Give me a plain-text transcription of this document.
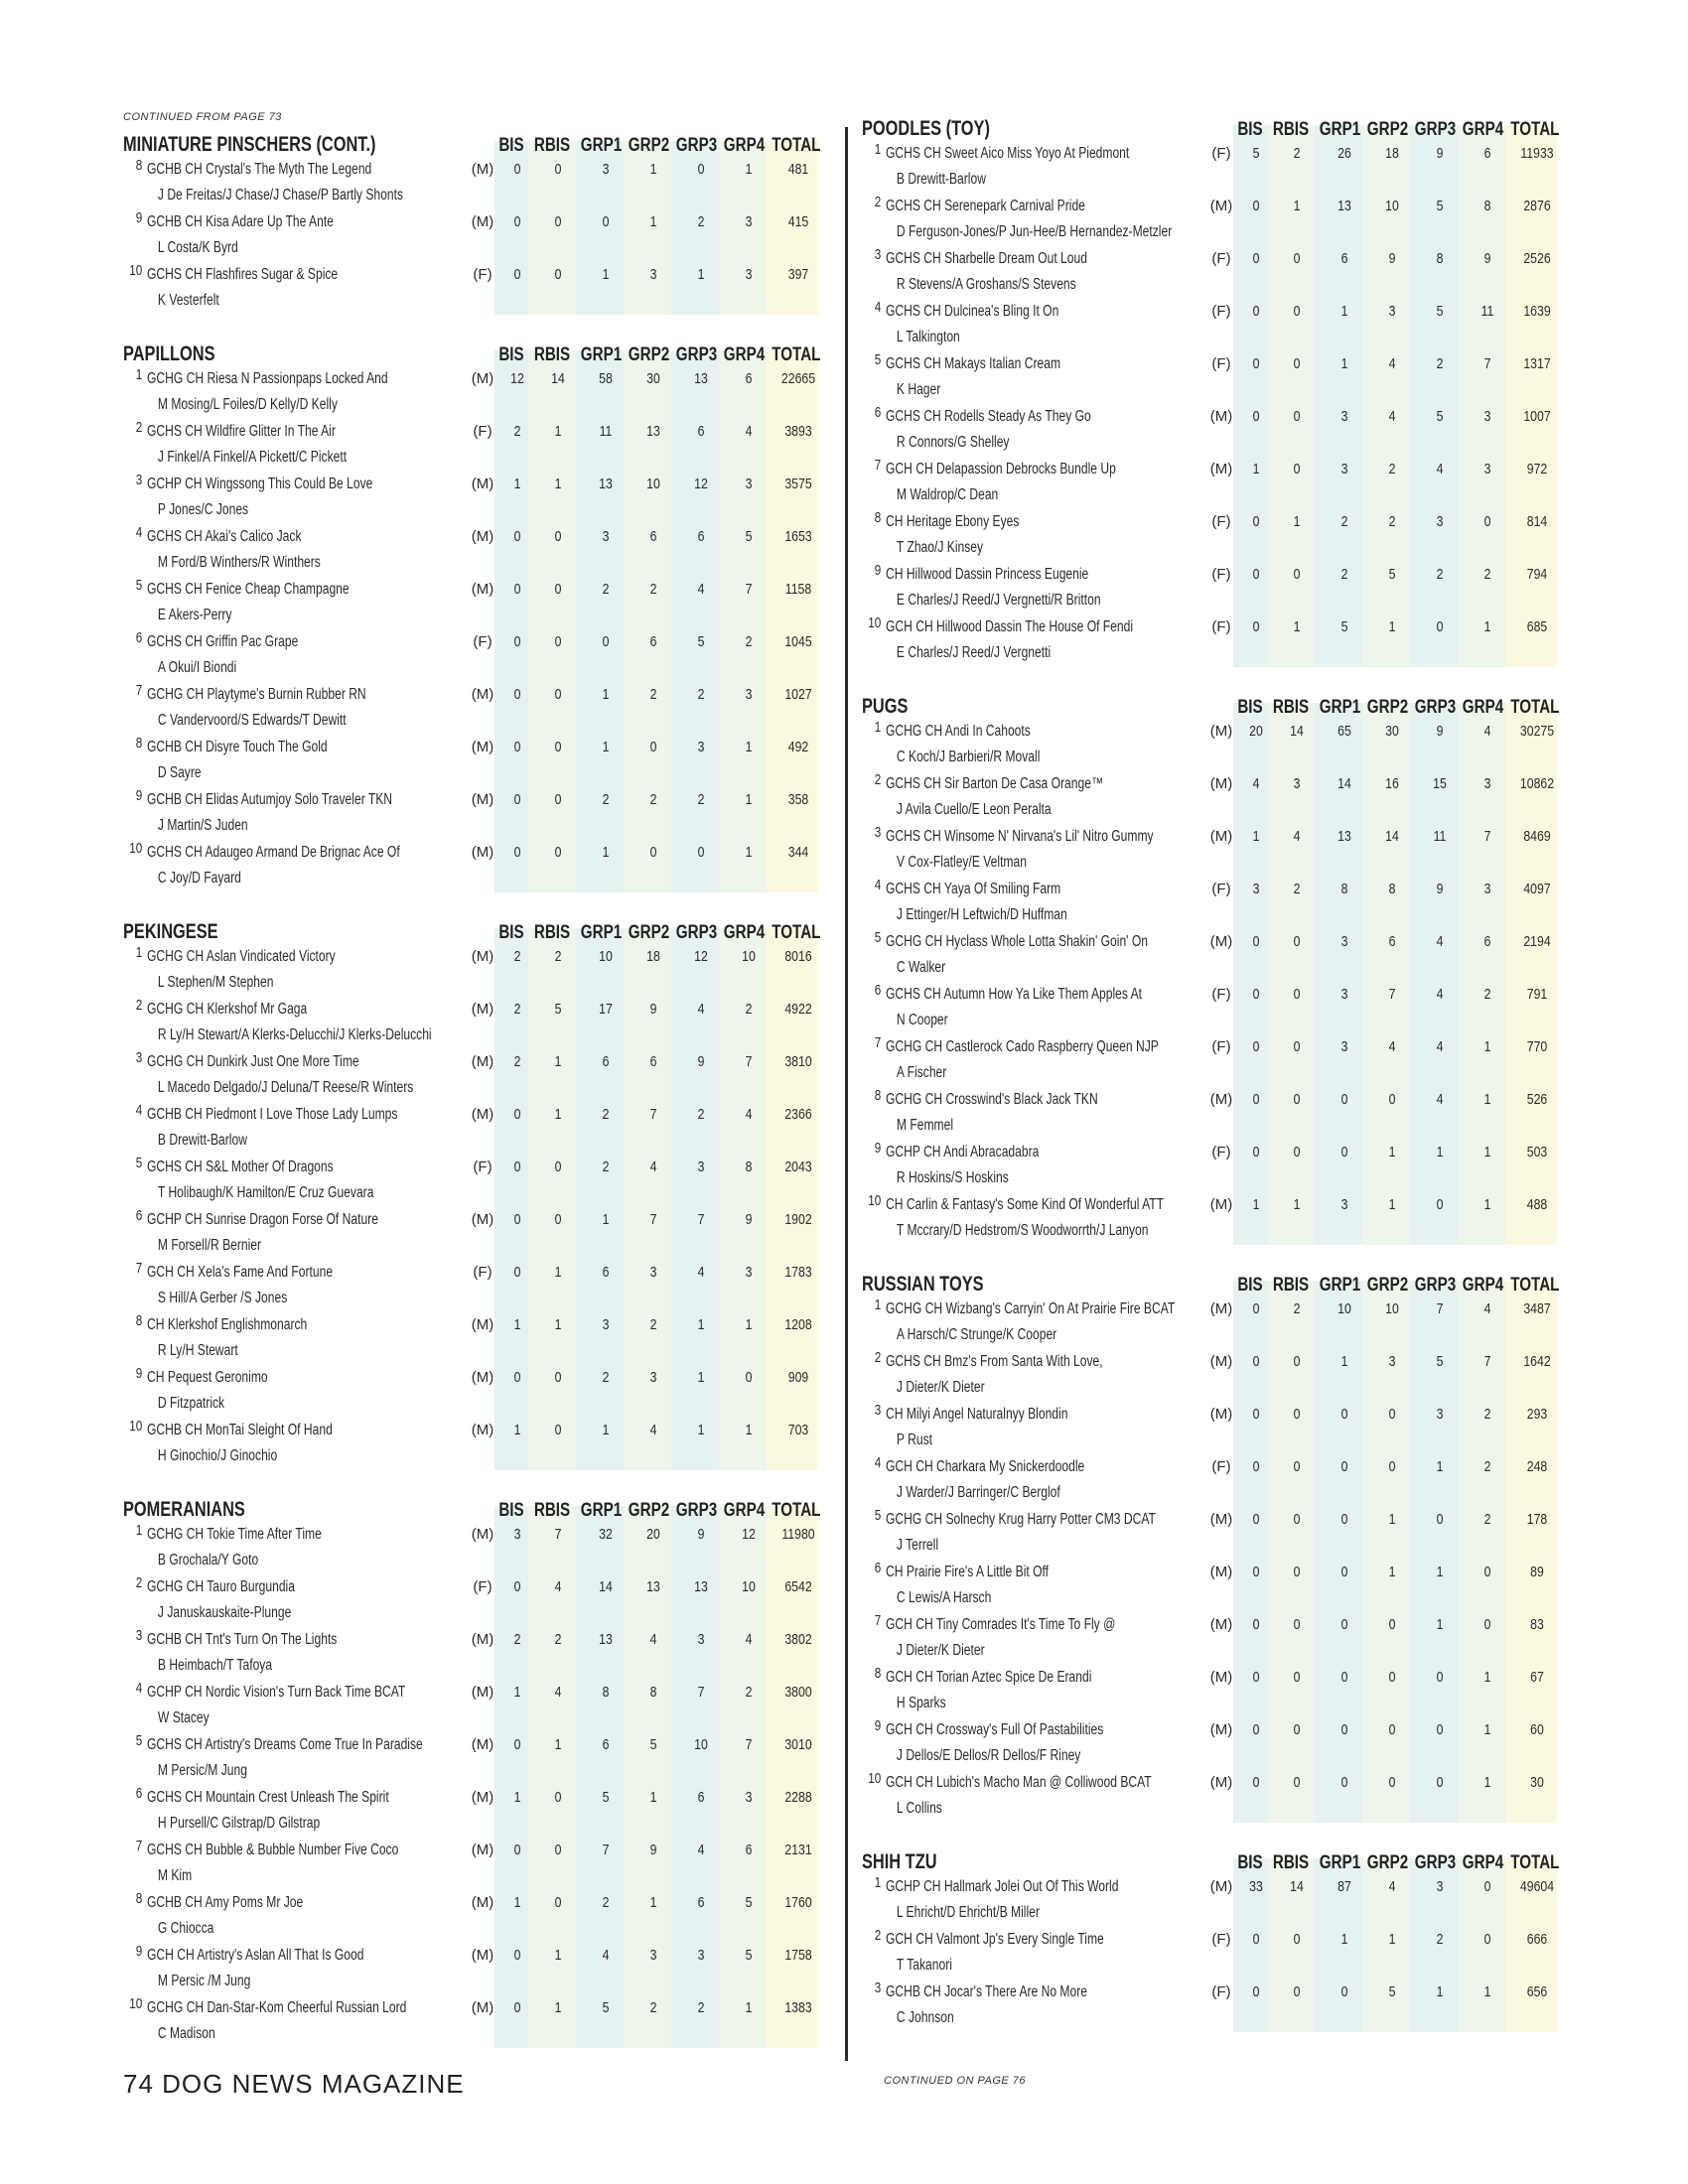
CONTINUED FROM PAGE 73
MINIATURE PINSCHERS (CONT.)	BIS RBIS GRP1 GRP2 GRP3 GRP4 TOTAL
8 GCHB CH Crystal's The Myth The Legend
J De Freitas/J Chase/J Chase/P Bartly Shonts
(M)	0	0	3	1	0	1	481
9 GCHB CH Kisa Adare Up The Ante
L Costa/K Byrd
(M)	0	0	0	1	2	3	415
10 GCHS CH Flashfires Sugar & Spice
K Vesterfelt
(F)	0	0	1	3	1	3	397
PAPILLONS	BIS RBIS GRP1 GRP2 GRP3 GRP4 TOTAL
1 GCHG CH Riesa N Passionpaps Locked And
M Mosing/L Foiles/D Kelly/D Kelly
(M)	12	14	58	30	13	6	22665
2 GCHS CH Wildfire Glitter In The Air
J Finkel/A Finkel/A Pickett/C Pickett
(F)	2	1	11	13	6	4	3893
3 GCHP CH Wingssong This Could Be Love
P Jones/C Jones
(M)	1	1	13	10	12	3	3575
4 GCHS CH Akai's Calico Jack
M Ford/B Winthers/R Winthers
(M)	0	0	3	6	6	5	1653
5 GCHS CH Fenice Cheap Champagne
E Akers-Perry
(M)	0	0	2	2	4	7	1158
6 GCHS CH Griffin Pac Grape
A Okui/I Biondi
(F)	0	0	0	6	5	2	1045
7 GCHG CH Playtyme's Burnin Rubber RN
C Vandervoord/S Edwards/T Dewitt
(M)	0	0	1	2	2	3	1027
8 GCHB CH Disyre Touch The Gold
D Sayre
(M)	0	0	1	0	3	1	492
9 GCHB CH Elidas Autumjoy Solo Traveler TKN
J Martin/S Juden
(M)	0	0	2	2	2	1	358
10 GCHS CH Adaugeo Armand De Brignac Ace Of
C Joy/D Fayard
(M)	0	0	1	0	0	1	344
PEKINGESE	BIS RBIS GRP1 GRP2 GRP3 GRP4 TOTAL
1 GCHG CH Aslan Vindicated Victory
L Stephen/M Stephen
(M)	2	2	10	18	12	10	8016
2 GCHG CH Klerkshof Mr Gaga
R Ly/H Stewart/A Klerks-Delucchi/J Klerks-Delucchi
(M)	2	5	17	9	4	2	4922
3 GCHG CH Dunkirk Just One More Time
L Macedo Delgado/J Deluna/T Reese/R Winters
(M)	2	1	6	6	9	7	3810
4 GCHB CH Piedmont I Love Those Lady Lumps
B Drewitt-Barlow
(M)	0	1	2	7	2	4	2366
5 GCHS CH S&L Mother Of Dragons
T Holibaugh/K Hamilton/E Cruz Guevara
(F)	0	0	2	4	3	8	2043
6 GCHP CH Sunrise Dragon Forse Of Nature
M Forsell/R Bernier
(M)	0	0	1	7	7	9	1902
7 GCH CH Xela's Fame And Fortune
S Hill/A Gerber /S Jones
(F)	0	1	6	3	4	3	1783
8 CH Klerkshof Englishmonarch
R Ly/H Stewart
(M)	1	1	3	2	1	1	1208
9 CH Pequest Geronimo
D Fitzpatrick
(M)	0	0	2	3	1	0	909
10 GCHB CH MonTai Sleight Of Hand
H Ginochio/J Ginochio
(M)	1	0	1	4	1	1	703
POMERANIANS	BIS RBIS GRP1 GRP2 GRP3 GRP4 TOTAL
1 GCHG CH Tokie Time After Time
B Grochala/Y Goto
(M)	3	7	32	20	9	12	11980
2 GCHG CH Tauro Burgundia
J Januskauskaite-Plunge
(F)	0	4	14	13	13	10	6542
3 GCHB CH Tnt's Turn On The Lights
B Heimbach/T Tafoya
(M)	2	2	13	4	3	4	3802
4 GCHP CH Nordic Vision's Turn Back Time BCAT
W Stacey
(M)	1	4	8	8	7	2	3800
5 GCHS CH Artistry's Dreams Come True In Paradise
M Persic/M Jung
(M)	0	1	6	5	10	7	3010
6 GCHS CH Mountain Crest Unleash The Spirit
H Pursell/C Gilstrap/D Gilstrap
(M)	1	0	5	1	6	3	2288
7 GCHS CH Bubble & Bubble Number Five Coco
M Kim
(M)	0	0	7	9	4	6	2131
8 GCHB CH Amy Poms Mr Joe
G Chiocca
(M)	1	0	2	1	6	5	1760
9 GCH CH Artistry's Aslan All That Is Good
M Persic /M Jung
(M)	0	1	4	3	3	5	1758
10 GCHG CH Dan-Star-Kom Cheerful Russian Lord
C Madison
(M)	0	1	5	2	2	1	1383
POODLES (TOY)	BIS RBIS GRP1 GRP2 GRP3 GRP4 TOTAL
1 GCHS CH Sweet Aico Miss Yoyo At Piedmont
B Drewitt-Barlow
(F)	5	2	26	18	9	6	11933
2 GCHS CH Serenepark Carnival Pride
D Ferguson-Jones/P Jun-Hee/B Hernandez-Metzler
(M)	0	1	13	10	5	8	2876
3 GCHS CH Sharbelle Dream Out Loud
R Stevens/A Groshans/S Stevens
(F)	0	0	6	9	8	9	2526
4 GCHS CH Dulcinea's Bling It On
L Talkington
(F)	0	0	1	3	5	11	1639
5 GCHS CH Makays Italian Cream
K Hager
(F)	0	0	1	4	2	7	1317
6 GCHS CH Rodells Steady As They Go
R Connors/G Shelley
(M)	0	0	3	4	5	3	1007
7 GCH CH Delapassion Debrocks Bundle Up
M Waldrop/C Dean
(M)	1	0	3	2	4	3	972
8 CH Heritage Ebony Eyes
T Zhao/J Kinsey
(F)	0	1	2	2	3	0	814
9 CH Hillwood Dassin Princess Eugenie
E Charles/J Reed/J Vergnetti/R Britton
(F)	0	0	2	5	2	2	794
10 GCH CH Hillwood Dassin The House Of Fendi
E Charles/J Reed/J Vergnetti
(F)	0	1	5	1	0	1	685
PUGS	BIS RBIS GRP1 GRP2 GRP3 GRP4 TOTAL
1 GCHG CH Andi In Cahoots
C Koch/J Barbieri/R Movall
(M)	20	14	65	30	9	4	30275
2 GCHS CH Sir Barton De Casa Orange™
J Avila Cuello/E Leon Peralta
(M)	4	3	14	16	15	3	10862
3 GCHS CH Winsome N' Nirvana's Lil' Nitro Gummy
V Cox-Flatley/E Veltman
(M)	1	4	13	14	11	7	8469
4 GCHS CH Yaya Of Smiling Farm
J Ettinger/H Leftwich/D Huffman
(F)	3	2	8	8	9	3	4097
5 GCHG CH Hyclass Whole Lotta Shakin' Goin' On
C Walker
(M)	0	0	3	6	4	6	2194
6 GCHS CH Autumn How Ya Like Them Apples At
N Cooper
(F)	0	0	3	7	4	2	791
7 GCHG CH Castlerock Cado Raspberry Queen NJP
A Fischer
(F)	0	0	3	4	4	1	770
8 GCHG CH Crosswind's Black Jack TKN
M Femmel
(M)	0	0	0	0	4	1	526
9 GCHP CH Andi Abracadabra
R Hoskins/S Hoskins
(F)	0	0	0	1	1	1	503
10 CH Carlin & Fantasy's Some Kind Of Wonderful ATT
T Mccrary/D Hedstrom/S Woodworrth/J Lanyon
(M)	1	1	3	1	0	1	488
RUSSIAN TOYS	BIS RBIS GRP1 GRP2 GRP3 GRP4 TOTAL
1 GCHG CH Wizbang's Carryin' On At Prairie Fire BCAT
A Harsch/C Strunge/K Cooper
(M)	0	2	10	10	7	4	3487
2 GCHS CH Bmz's From Santa With Love,
J Dieter/K Dieter
(M)	0	0	1	3	5	7	1642
3 CH Milyi Angel Naturalnyy Blondin
P Rust
(M)	0	0	0	0	3	2	293
4 GCH CH Charkara My Snickerdoodle
J Warder/J Barringer/C Berglof
(F)	0	0	0	0	1	2	248
5 GCHG CH Solnechy Krug Harry Potter CM3 DCAT
J Terrell
(M)	0	0	0	1	0	2	178
6 CH Prairie Fire's A Little Bit Off
C Lewis/A Harsch
(M)	0	0	0	1	1	0	89
7 GCH CH Tiny Comrades It's Time To Fly @
J Dieter/K Dieter
(M)	0	0	0	0	1	0	83
8 GCH CH Torian Aztec Spice De Erandi
H Sparks
(M)	0	0	0	0	0	1	67
9 GCH CH Crossway's Full Of Pastabilities
J Dellos/E Dellos/R Dellos/F Riney
(M)	0	0	0	0	0	1	60
10 GCH CH Lubich's Macho Man @ Colliwood BCAT
L Collins
(M)	0	0	0	0	0	1	30
SHIH TZU	BIS RBIS GRP1 GRP2 GRP3 GRP4 TOTAL
1 GCHP CH Hallmark Jolei Out Of This World
L Ehricht/D Ehricht/B Miller
(M)	33	14	87	4	3	0	49604
2 GCH CH Valmont Jp's Every Single Time
T Takanori
(F)	0	0	1	1	2	0	666
3 GCHB CH Jocar's There Are No More
C Johnson
(F)	0	0	0	5	1	1	656
CONTINUED ON PAGE 76
74 DOG NEWS MAGAZINE
